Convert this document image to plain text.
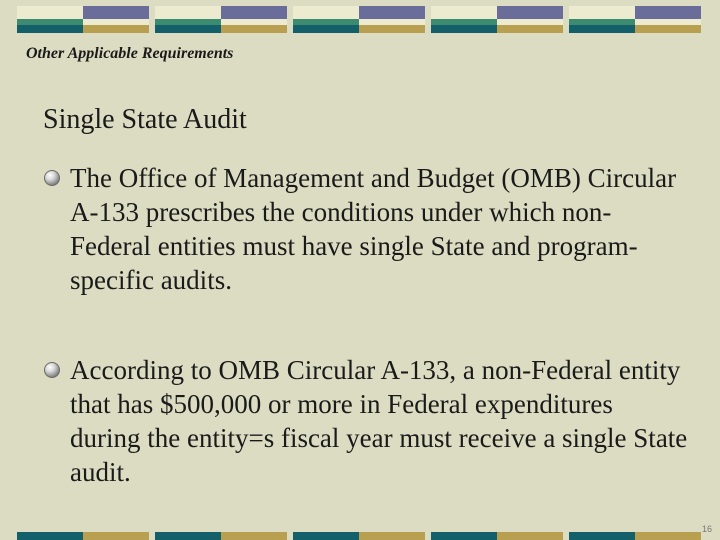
Other Applicable Requirements
Single State Audit
The Office of Management and Budget (OMB) Circular A-133 prescribes the conditions under which non-Federal entities must have single State and program-specific audits.
According to OMB Circular A-133, a non-Federal entity that has $500,000 or more in Federal expenditures during the entity=s fiscal year must receive a single State audit.
16
